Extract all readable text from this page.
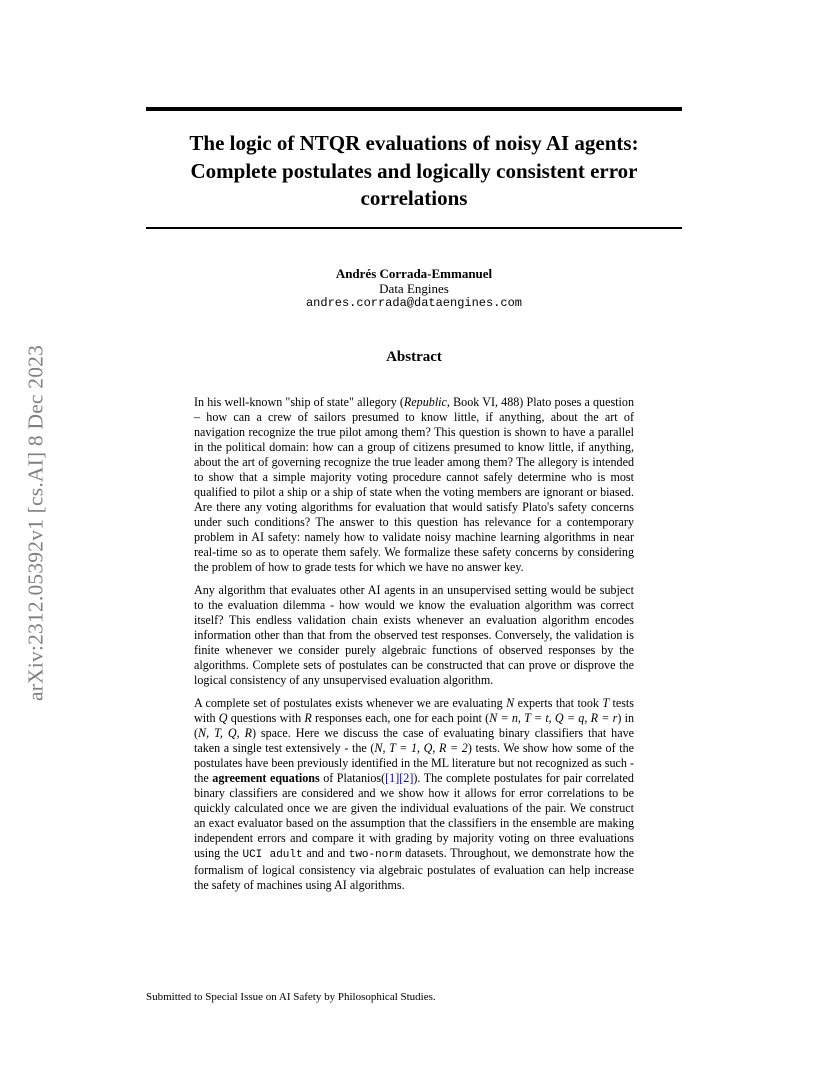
arXiv:2312.05392v1 [cs.AI] 8 Dec 2023
The logic of NTQR evaluations of noisy AI agents:
Complete postulates and logically consistent error
correlations
Andrés Corrada-Emmanuel
Data Engines
andres.corrada@dataengines.com
Abstract

In his well-known "ship of state" allegory (Republic, Book VI, 488) Plato poses a question – how can a crew of sailors presumed to know little, if anything, about the art of navigation recognize the true pilot among them? This question is shown to have a parallel in the political domain: how can a group of citizens presumed to know little, if anything, about the art of governing recognize the true leader among them? The allegory is intended to show that a simple majority voting procedure cannot safely determine who is most qualified to pilot a ship or a ship of state when the voting members are ignorant or biased. Are there any voting algorithms for evaluation that would satisfy Plato's safety concerns under such conditions? The answer to this question has relevance for a contemporary problem in AI safety: namely how to validate noisy machine learning algorithms in near real-time so as to operate them safely. We formalize these safety concerns by considering the problem of how to grade tests for which we have no answer key.

Any algorithm that evaluates other AI agents in an unsupervised setting would be subject to the evaluation dilemma - how would we know the evaluation algorithm was correct itself? This endless validation chain exists whenever an evaluation algorithm encodes information other than that from the observed test responses. Conversely, the validation is finite whenever we consider purely algebraic functions of observed responses by the algorithms. Complete sets of postulates can be constructed that can prove or disprove the logical consistency of any unsupervised evaluation algorithm.

A complete set of postulates exists whenever we are evaluating N experts that took T tests with Q questions with R responses each, one for each point (N = n, T = t, Q = q, R = r) in (N, T, Q, R) space. Here we discuss the case of evaluating binary classifiers that have taken a single test extensively - the (N, T = 1, Q, R = 2) tests. We show how some of the postulates have been previously identified in the ML literature but not recognized as such - the agreement equations of Platanios([1][2]). The complete postulates for pair correlated binary classifiers are considered and we show how it allows for error correlations to be quickly calculated once we are given the individual evaluations of the pair. We construct an exact evaluator based on the assumption that the classifiers in the ensemble are making independent errors and compare it with grading by majority voting on three evaluations using the UCI adult and and two-norm datasets. Throughout, we demonstrate how the formalism of logical consistency via algebraic postulates of evaluation can help increase the safety of machines using AI algorithms.

Submitted to Special Issue on AI Safety by Philosophical Studies.
